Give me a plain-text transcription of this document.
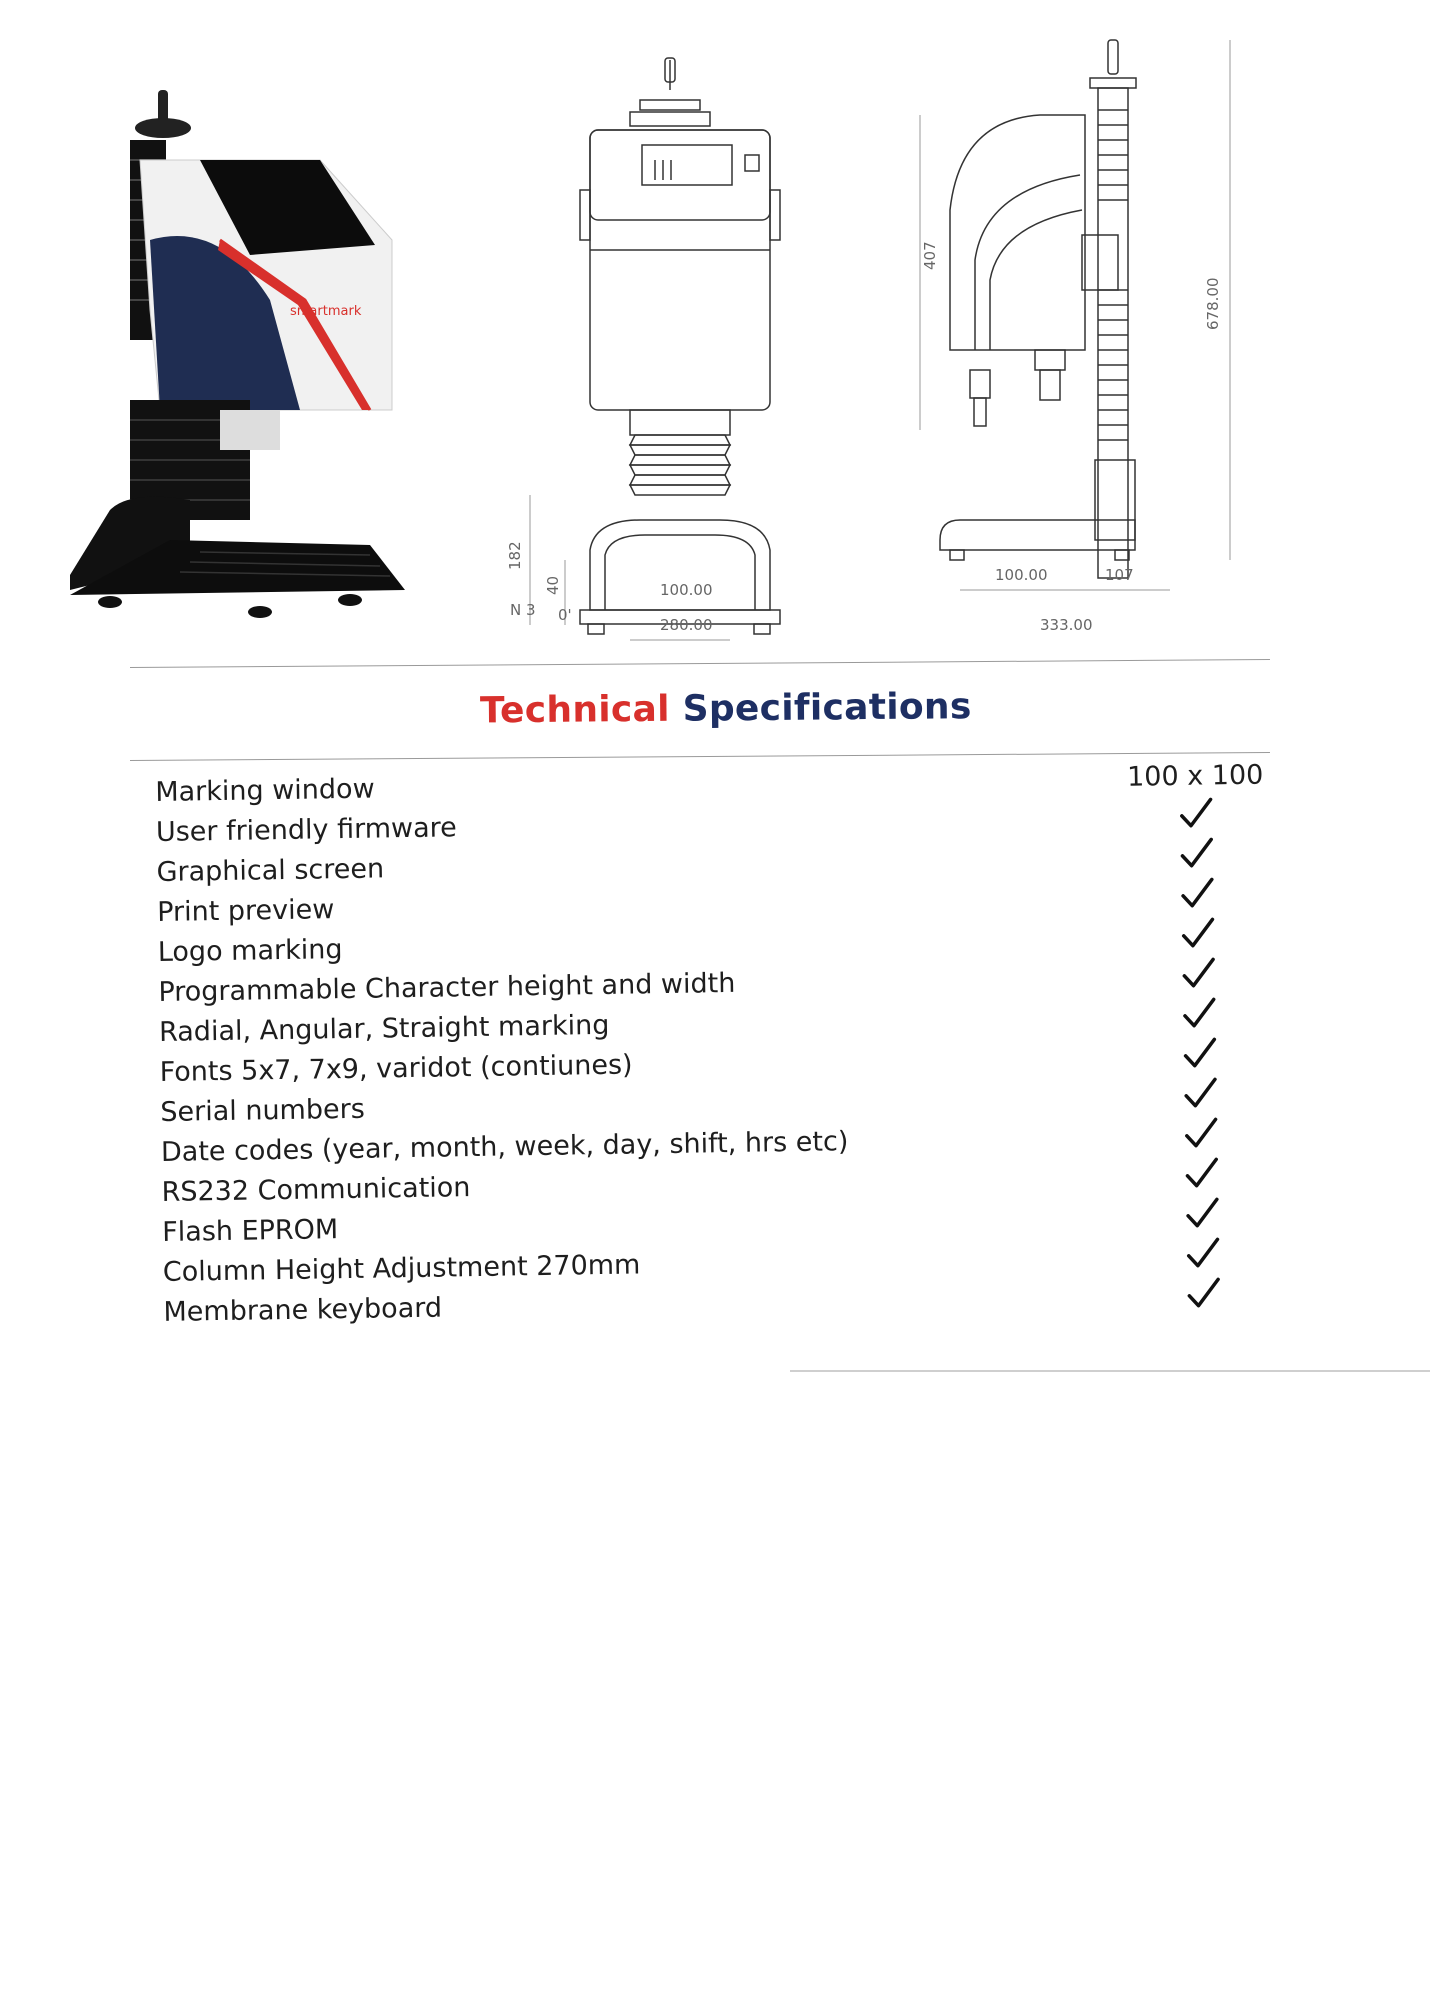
smartmark
182
40	100.00
280.00
0'
N 3
407
678.00
100.00	107
333.00
Technical Specifications
Marking window	100 x 100
User friendly firmware
Graphical screen
Print preview
Logo marking
Programmable Character height and width
Radial, Angular, Straight marking
Fonts 5x7, 7x9, varidot (contiunes)
Serial numbers
Date codes (year, month, week, day, shift, hrs etc)
RS232 Communication
Flash EPROM
Column Height Adjustment 270mm
Membrane keyboard
